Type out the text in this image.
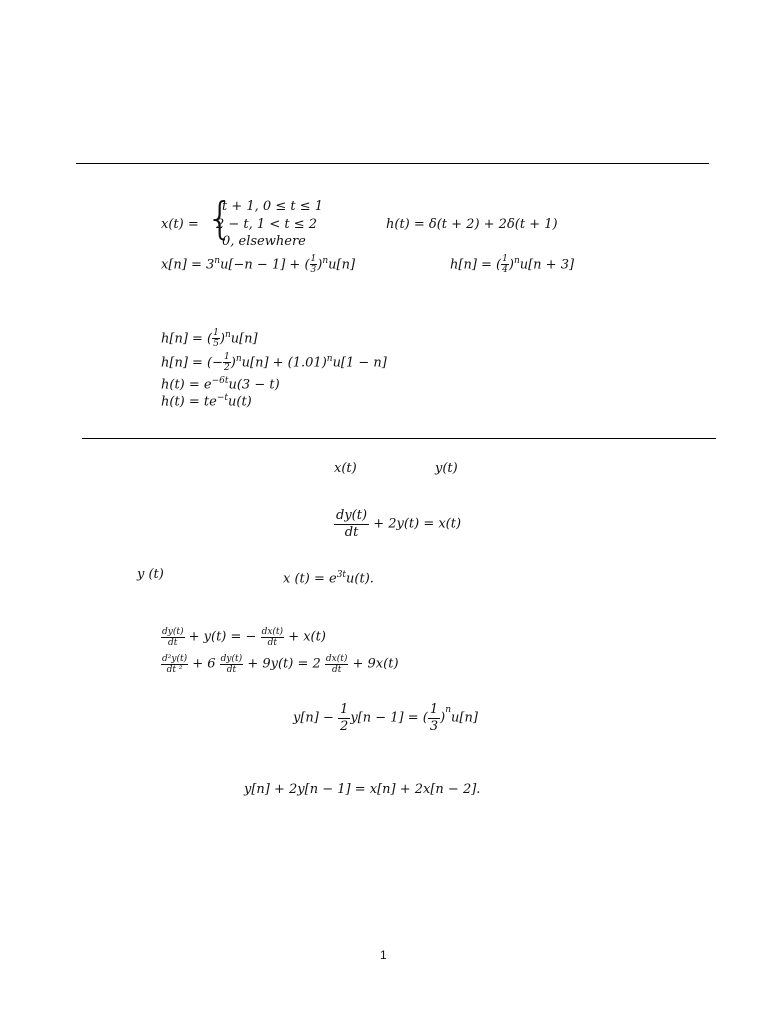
x(t) = {
t + 1, 0 ≤ t ≤ 1
2 − t, 1 < t ≤ 2
0, elsewhere
h(t) = δ(t + 2) + 2δ(t + 1)
$x[n] = 3^nu[-n - 1]$ + ( $\frac{1}{3} )^nu[n]$	h[n] = ( $\frac{1}{4} )^nu[n + 3]$
h[n] = ( $\frac{1}{5} )^nu[n]$
h[n] = (− $\frac{1}{2} )^nu[n] + (1.01)^nu[1 - n]$
$h(t) = e^{-6t}u(3 - t)$
$h(t) = te^{-t}u(t)$
x(t)	y(t)
$\frac{dy(t)}{dt} + 2y(t) = x(t)$
y (t)	x $(t) = e^{3t}u(t)$.
$\frac{dy(t)}{dt} + y(t)$ = − $\frac{dx(t)}{dt} + x(t)$
$\frac{\text{d²y(t)}}{\text{dt ²}} + 6 \frac{dy(t)}{dt} + 9y(t) = 2 \frac{dx(t)}{dt} + 9x(t)$
$y[n] - \frac{1}{2} y[n - 1]$ = ( $\frac{1}{3} )^nu[n]$
y[n] + 2y[n − 1] = x[n] + 2x[n − 2].
1
